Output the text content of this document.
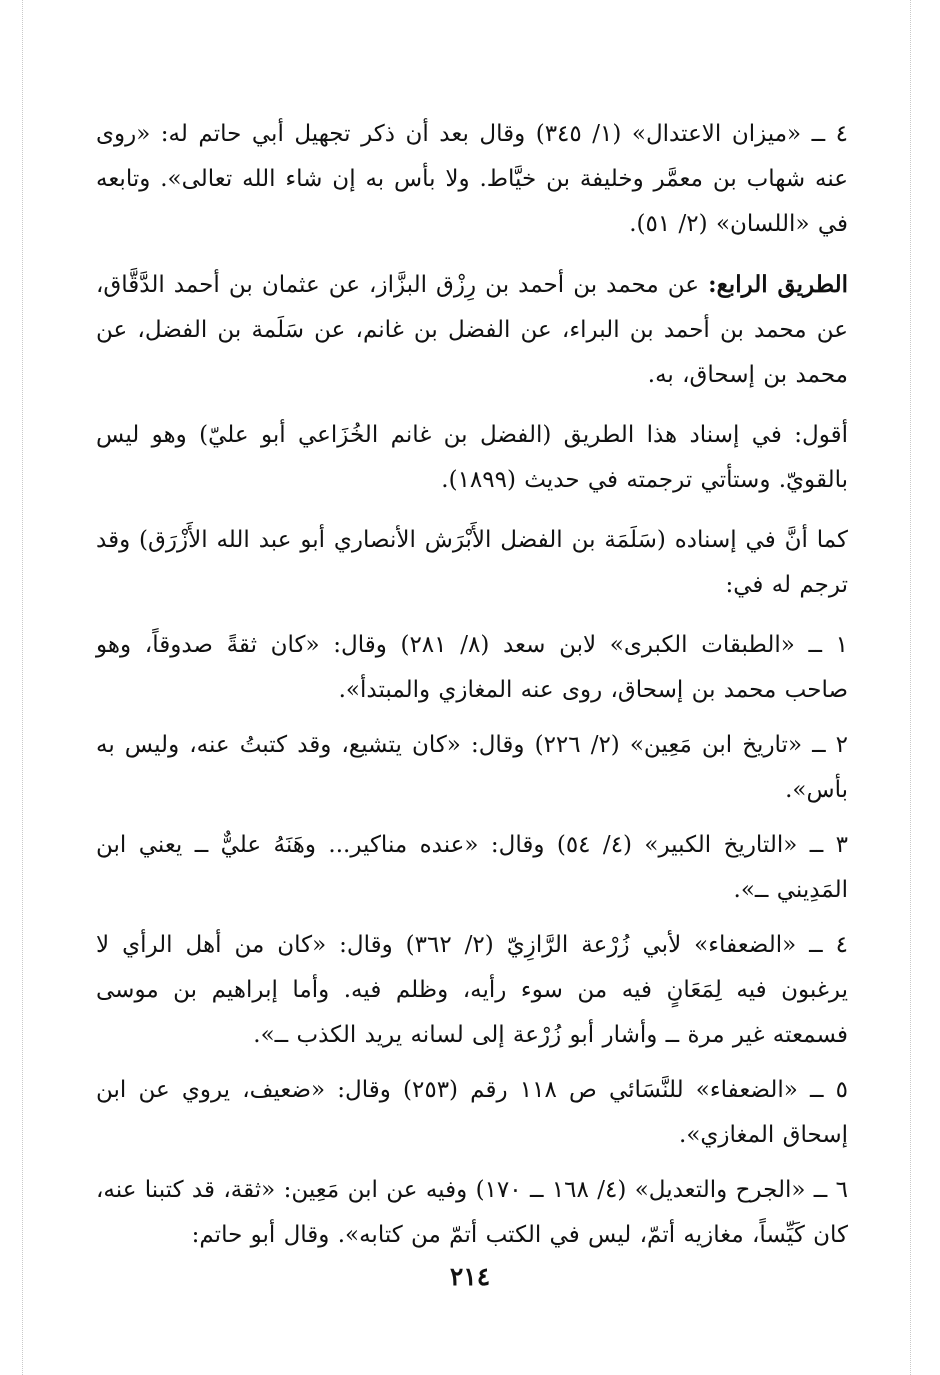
٤ ــ «ميزان الاعتدال» (١/ ٣٤٥) وقال بعد أن ذكر تجهيل أبي حاتم له: «روى عنه شهاب بن معمَّر وخليفة بن خيَّاط. ولا بأس به إن شاء الله تعالى». وتابعه في «اللسان» (٢/ ٥١).

الطريق الرابع: عن محمد بن أحمد بن رِزْق البزَّاز، عن عثمان بن أحمد الدَّقَّاق، عن محمد بن أحمد بن البراء، عن الفضل بن غانم، عن سَلَمة بن الفضل، عن محمد بن إسحاق، به.

أقول: في إسناد هذا الطريق (الفضل بن غانم الخُزَاعي أبو عليّ) وهو ليس بالقويّ. وستأتي ترجمته في حديث (١٨٩٩).

كما أنَّ في إسناده (سَلَمَة بن الفضل الأَبْرَش الأنصاري أبو عبد الله الأَزْرَق) وقد ترجم له في:

١ ــ «الطبقات الكبرى» لابن سعد (٨/ ٢٨١) وقال: «كان ثقةً صدوقاً، وهو صاحب محمد بن إسحاق، روى عنه المغازي والمبتدأ».

٢ ــ «تاريخ ابن مَعِين» (٢/ ٢٢٦) وقال: «كان يتشيع، وقد كتبتُ عنه، وليس به بأس».

٣ ــ «التاريخ الكبير» (٤/ ٥٤) وقال: «عنده مناكير... وهَنَهُ عليٌّ ــ يعني ابن المَدِيني ــ».

٤ ــ «الضعفاء» لأبي زُرْعة الرَّازِيّ (٢/ ٣٦٢) وقال: «كان من أهل الرأي لا يرغبون فيه لِمَعَانٍ فيه من سوء رأيه، وظلم فيه. وأما إبراهيم بن موسى فسمعته غير مرة ــ وأشار أبو زُرْعة إلى لسانه يريد الكذب ــ».

٥ ــ «الضعفاء» للنَّسَائي ص ١١٨ رقم (٢٥٣) وقال: «ضعيف، يروي عن ابن إسحاق المغازي».

٦ ــ «الجرح والتعديل» (٤/ ١٦٨ ــ ١٧٠) وفيه عن ابن مَعِين: «ثقة، قد كتبنا عنه، كان كَيِّساً، مغازيه أتمّ، ليس في الكتب أتمّ من كتابه». وقال أبو حاتم:

٢١٤
